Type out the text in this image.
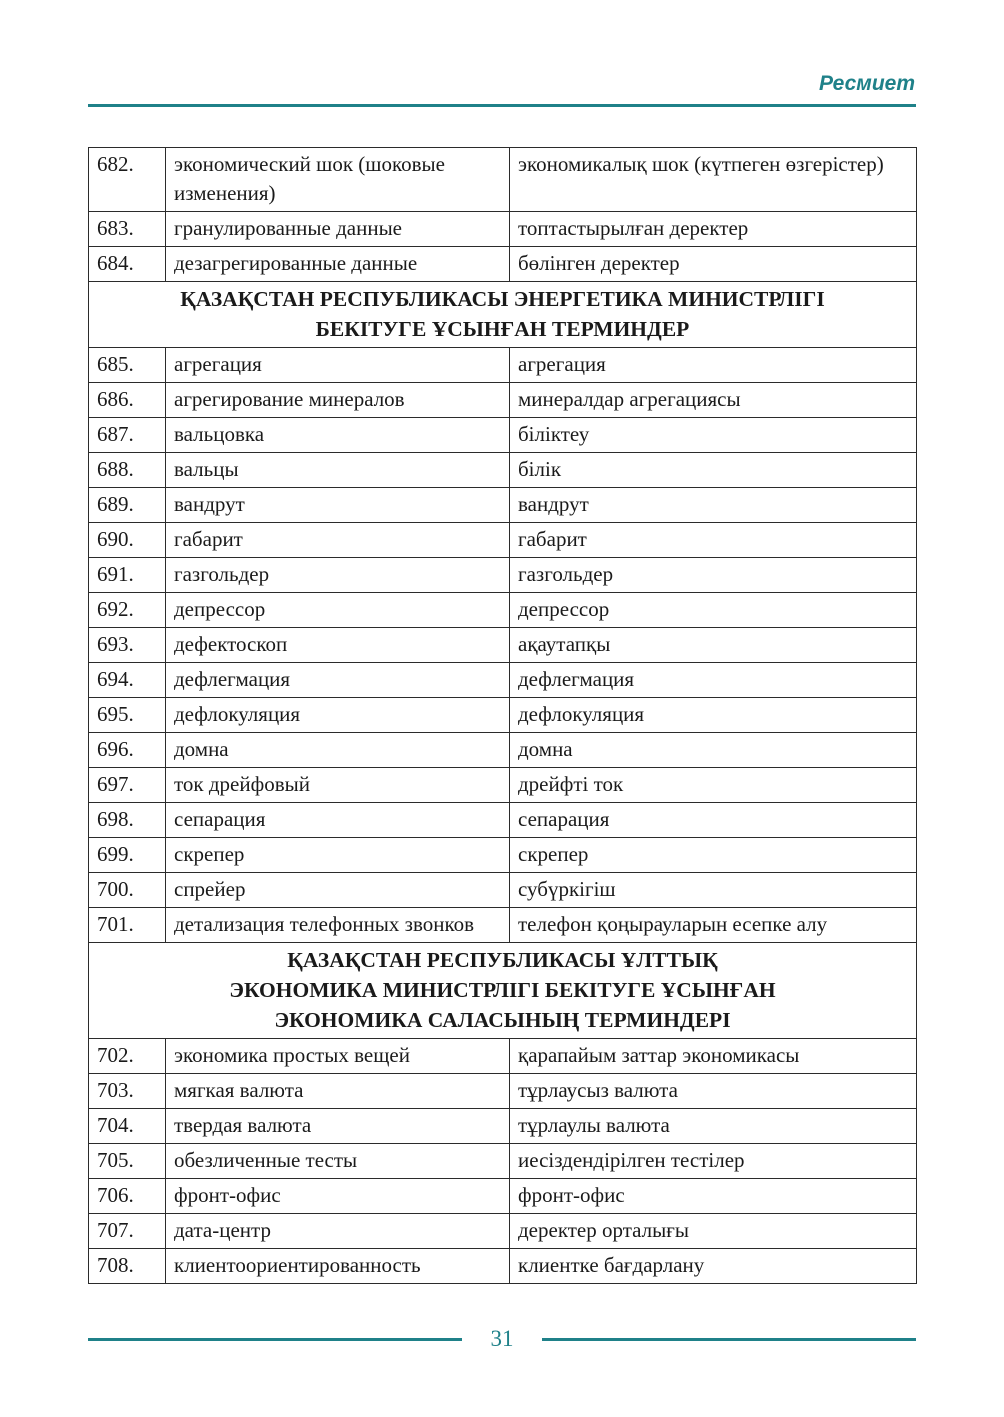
Ресмиет
682.	экономический шок (шоковые изменения)	экономикалық шок (күтпеген өзгерістер)
683.	гранулированные данные	топтастырылған деректер
684.	дезагрегированные данные	бөлінген деректер

ҚАЗАҚСТАН РЕСПУБЛИКАСЫ ЭНЕРГЕТИКА МИНИСТРЛІГІ
БЕКІТУГЕ ҰСЫНҒАН ТЕРМИНДЕР		

685.	агрегация	агрегация
686.	агрегирование минералов	минералдар агрегациясы
687.	вальцовка	біліктеу
688.	вальцы	білік
689.	вандрут	вандрут
690.	габарит	габарит
691.	газгольдер	газгольдер
692.	депрессор	депрессор
693.	дефектоскоп	ақаутапқы
694.	дефлегмация	дефлегмация
695.	дефлокуляция	дефлокуляция
696.	домна	домна
697.	ток дрейфовый	дрейфті ток
698.	сепарация	сепарация
699.	скрепер	скрепер
700.	спрейер	субүркігіш
701.	детализация телефонных звонков	телефон қоңырауларын есепке алу

ҚАЗАҚСТАН РЕСПУБЛИКАСЫ ҰЛТТЫҚ
ЭКОНОМИКА МИНИСТРЛІГІ БЕКІТУГЕ ҰСЫНҒАН
ЭКОНОМИКА САЛАСЫНЫҢ ТЕРМИНДЕРІ		

702.	экономика простых вещей	қарапайым заттар экономикасы
703.	мягкая валюта	тұрлаусыз валюта
704.	твердая валюта	тұрлаулы валюта
705.	обезличенные тесты	иесіздендірілген тестілер
706.	фронт-офис	фронт-офис
707.	дата-центр	деректер орталығы
708.	клиентоориентированность	клиентке бағдарлану
31
